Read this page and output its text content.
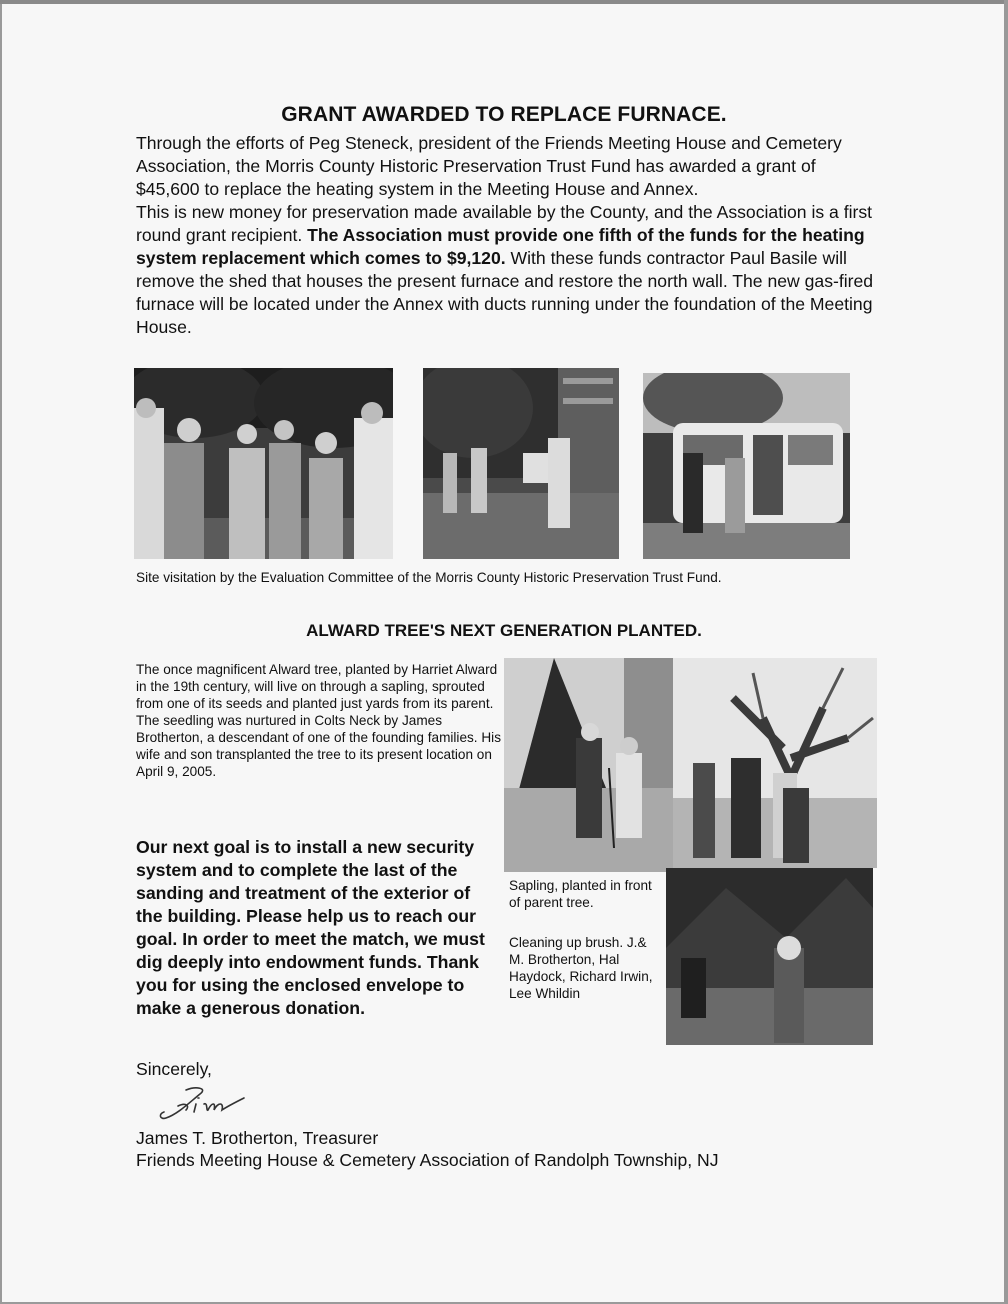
GRANT AWARDED TO REPLACE FURNACE.

Through the efforts of Peg Steneck, president of the Friends Meeting House and Cemetery Association, the Morris County Historic Preservation Trust Fund has awarded a grant of $45,600 to replace the heating system in the Meeting House and Annex.

This is new money for preservation made available by the County, and the Association is a first round grant recipient. The Association must provide one fifth of the funds for the heating system replacement which comes to $9,120. With these funds contractor Paul Basile will remove the shed that houses the present furnace and restore the north wall. The new gas-fired furnace will be located under the Annex with ducts running under the foundation of the Meeting House.

Site visitation by the Evaluation Committee of the Morris County Historic Preservation Trust Fund.
ALWARD TREE'S NEXT GENERATION PLANTED.
The once magnificent Alward tree, planted by Harriet Alward in the 19th century, will live on through a sapling, sprouted from one of its seeds and planted just yards from its parent. The seedling was nurtured in Colts Neck by James Brotherton, a descendant of one of the founding families. His wife and son transplanted the tree to its present location on April 9, 2005.
Our next goal is to install a new security system and to complete the last of the sanding and treatment of the exterior of the building. Please help us to reach our goal. In order to meet the match, we must dig deeply into endowment funds. Thank you for using the enclosed envelope to make a generous donation.
Sapling, planted in front of parent tree.
Cleaning up brush. J.& M. Brotherton, Hal Haydock, Richard Irwin, Lee Whildin
Sincerely,
James T. Brotherton, Treasurer
Friends Meeting House & Cemetery Association of Randolph Township, NJ
